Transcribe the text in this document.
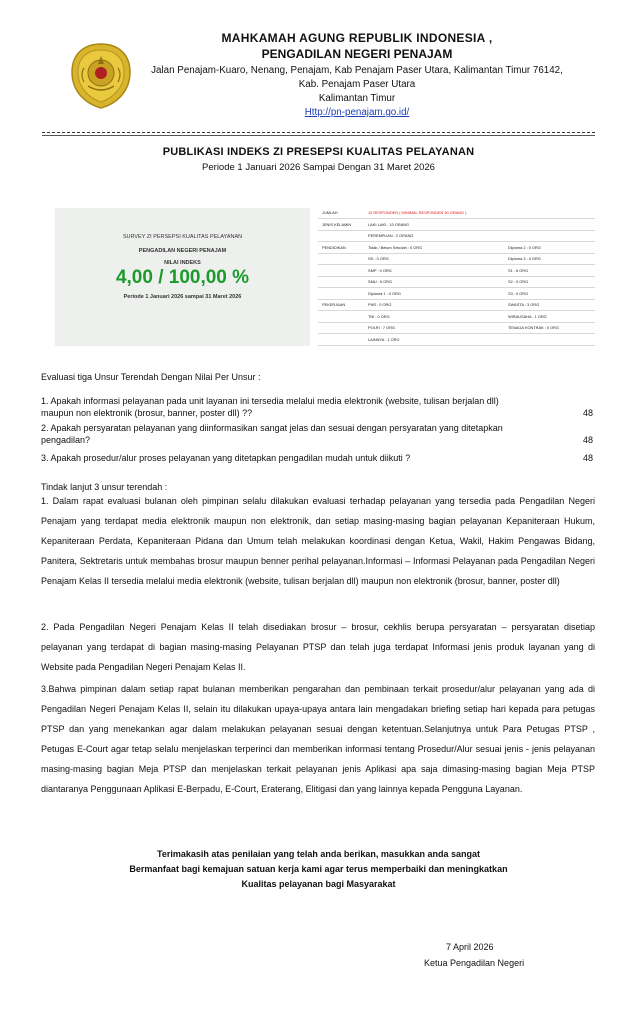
MAHKAMAH AGUNG REPUBLIK INDONESIA ,
PENGADILAN NEGERI PENAJAM
Jalan Penajam-Kuaro, Nenang, Penajam, Kab Penajam Paser Utara, Kalimantan Timur 76142,
Kab. Penajam Paser Utara
Kalimantan Timur
Http://pn-penajam.go.id/
PUBLIKASI INDEKS ZI PRESEPSI KUALITAS PELAYANAN
Periode 1 Januari 2026 Sampai Dengan 31 Maret 2026
SURVEY ZI PERSEPSI KUALITAS PELAYANAN
PENGADILAN NEGERI PENAJAM
NILAI INDEKS
4,00 / 100,00 %
Periode 1 Januari 2026 sampai 31 Maret 2026
JUMLAH	12 RESPONDEN ( MINIMAL RESPONDEN 30 ORANG )
JENIS KELAMIN	LAKI-LAKI : 10 ORANG
PEREMPUAN : 2 ORANG
PENDIDIKAN	Tidak / Belum Sekolah : 0 ORG	Diploma 2 : 0 ORG
SD : 0 ORG	Diploma 3 : 0 ORG
SMP : 0 ORG	S1 : 6 ORG
SMU : 6 ORG	S2 : 0 ORG
Diploma 1 : 0 ORG	S3 : 0 ORG
PEKERJAAN	PNS : 0 ORG	SWASTA : 3 ORG
TNI : 0 ORG	WIRAUSAHA : 1 ORG
POLRI : 7 ORG	TENAGA KONTRAK : 0 ORG
LAINNYA : 1 ORG
Evaluasi tiga Unsur Terendah Dengan Nilai Per Unsur :
1. Apakah informasi pelayanan pada unit layanan ini tersedia melalui media elektronik (website, tulisan berjalan dll)
maupun non elektronik (brosur, banner, poster dll) ??	48
2. Apakah persyaratan pelayanan yang diinformasikan sangat jelas dan sesuai dengan persyaratan yang ditetapkan
pengadilan?	48
3. Apakah prosedur/alur proses pelayanan yang ditetapkan pengadilan mudah untuk diikuti ?	48
Tindak lanjut 3 unsur terendah :
1. Dalam rapat evaluasi bulanan oleh pimpinan selalu dilakukan evaluasi terhadap pelayanan yang tersedia pada Pengadilan Negeri Penajam yang terdapat media elektronik maupun non elektronik, dan setiap masing-masing bagian pelayanan Kepaniteraan Hukum, Kepaniteraan Perdata, Kepaniteraan Pidana dan Umum telah melakukan koordinasi dengan Ketua, Wakil, Hakim Pengawas Bidang, Panitera, Sektretaris untuk membahas brosur maupun benner perihal pelayanan.Informasi – Informasi Pelayanan pada Pengadilan Negeri Penajam Kelas II tersedia melalui media elektronik (website, tulisan berjalan dll) maupun non elektronik (brosur, banner, poster dll)
2. Pada Pengadilan Negeri Penajam Kelas II telah disediakan brosur – brosur, cekhlis berupa persyaratan – persyaratan disetiap pelayanan yang terdapat di bagian masing-masing Pelayanan PTSP dan telah juga terdapat Informasi jenis produk layanan yang di Website pada Pengadilan Negeri Penajam Kelas II.
3.Bahwa pimpinan dalam setiap rapat bulanan memberikan pengarahan dan pembinaan terkait prosedur/alur pelayanan yang ada di Pengadilan Negeri Penajam Kelas II, selain itu dilakukan upaya-upaya antara lain mengadakan briefing setiap hari kepada para petugas PTSP dan yang menekankan agar dalam melakukan pelayanan sesuai dengan ketentuan.Selanjutnya untuk Para Petugas PTSP , Petugas E-Court agar tetap selalu menjelaskan terperinci dan memberikan informasi tentang Prosedur/Alur sesuai jenis - jenis pelayanan masing-masing bagian Meja PTSP dan menjelaskan terkait pelayanan jenis Aplikasi apa saja dimasing-masing bagian Meja PTSP diantaranya Penggunaan Aplikasi E-Berpadu, E-Court, Eraterang, Elitigasi dan yang lainnya kepada Pengguna Layanan.
Terimakasih atas penilaian yang telah anda berikan, masukkan anda sangat
Bermanfaat bagi kemajuan satuan kerja kami agar terus memperbaiki dan meningkatkan
Kualitas pelayanan bagi Masyarakat
7 April 2026
Ketua Pengadilan Negeri
